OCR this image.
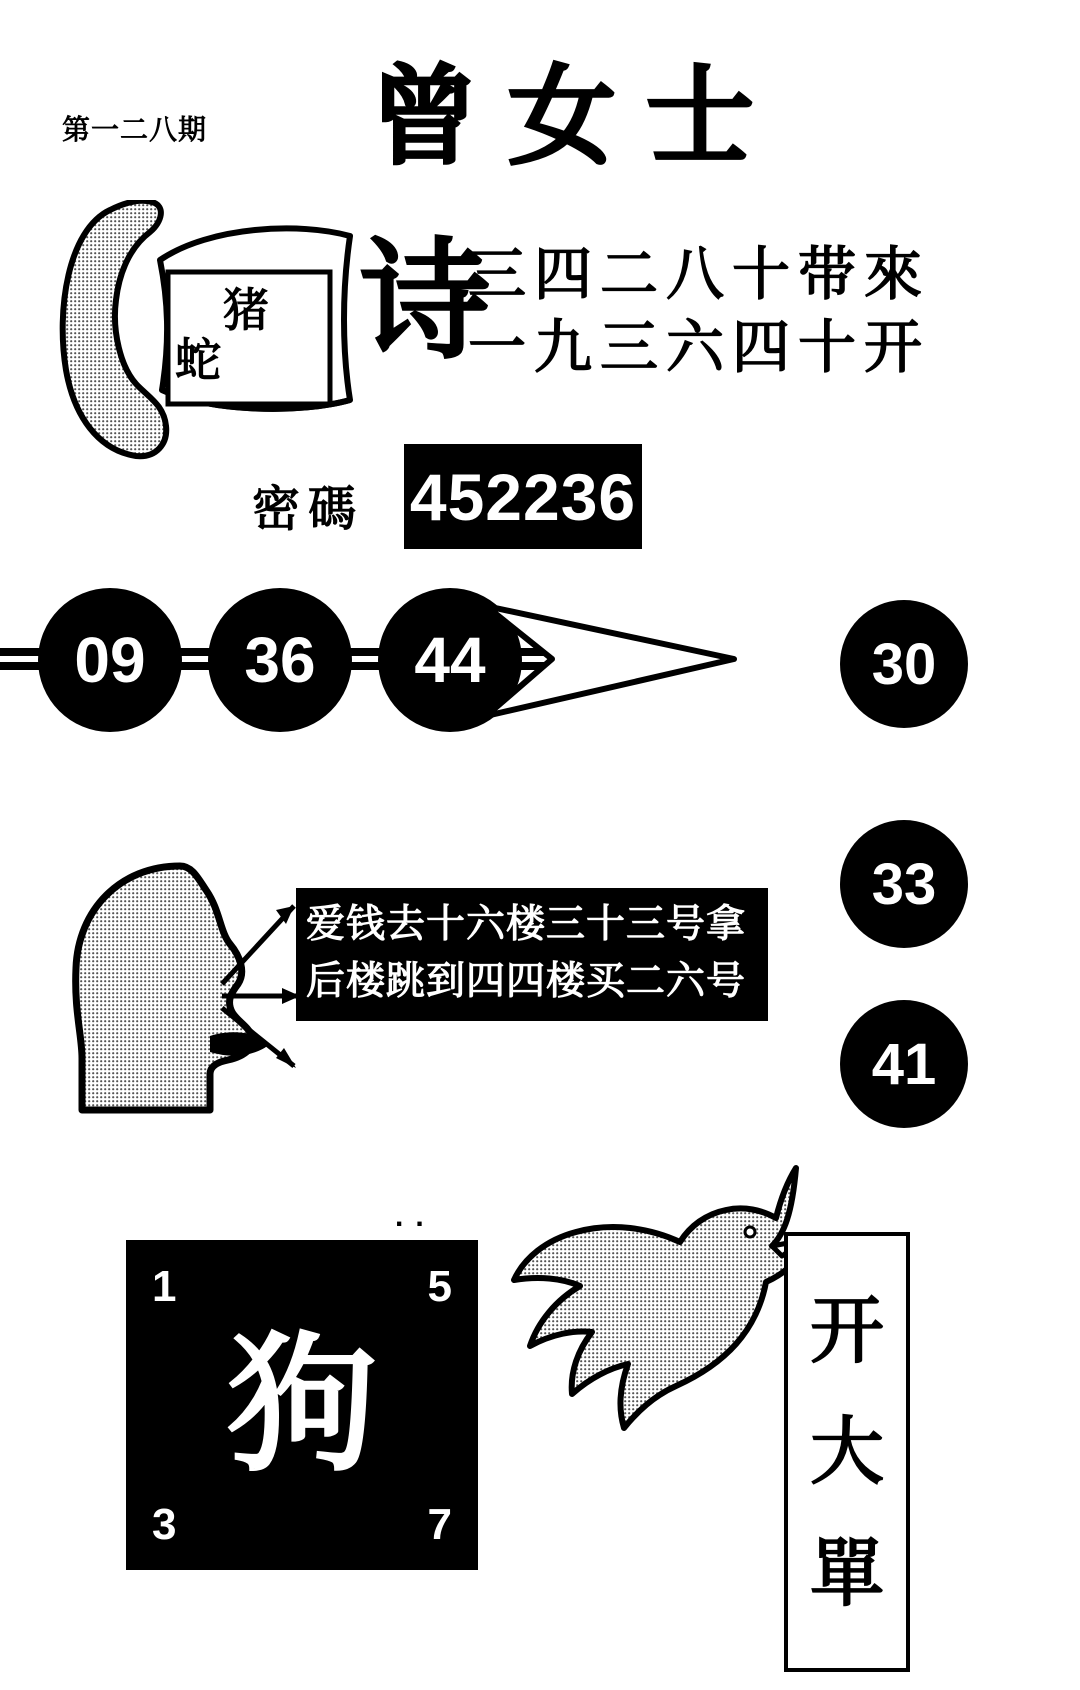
第一二八期 曾女士
猪
蛇 诗
三四二八十带來
一九三六四十开
密碼 452236
09	36	44	30
33
41
爱钱去十六楼三十三号拿
后楼跳到四四楼买二六号
..
1	5
3	7
狗	开
大
單
